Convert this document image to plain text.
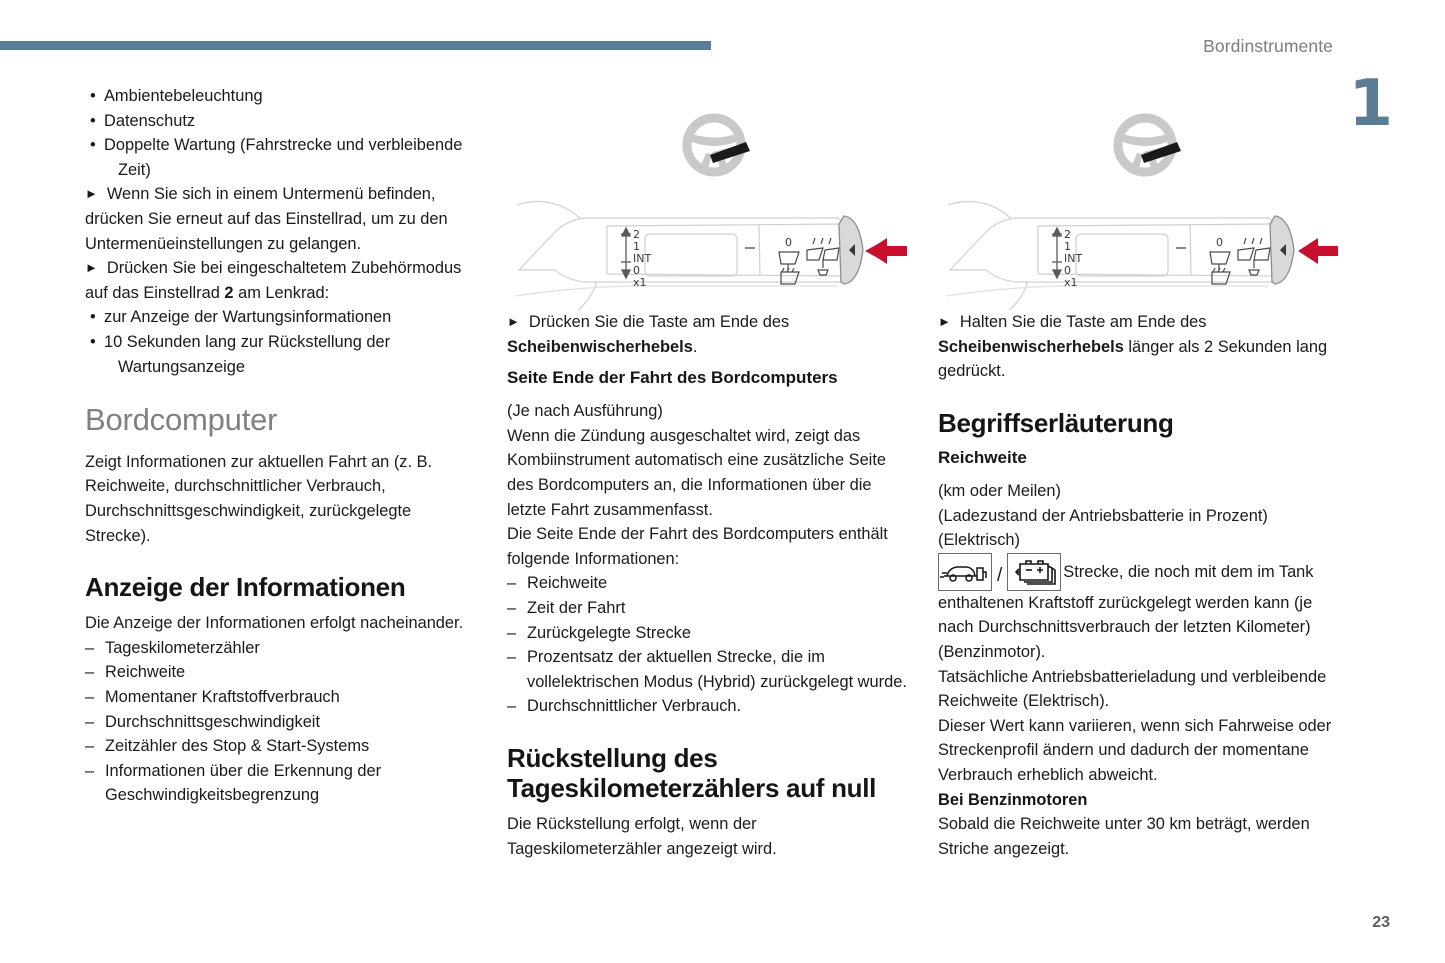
Bordinstrumente
1
23
• Ambientebeleuchtung
• Datenschutz
• Doppelte Wartung (Fahrstrecke und verbleibende Zeit)

► Wenn Sie sich in einem Untermenü befinden, drücken Sie erneut auf das Einstellrad, um zu den Untermenüeinstellungen zu gelangen.

► Drücken Sie bei eingeschaltetem Zubehörmodus auf das Einstellrad 2 am Lenkrad:

• zur Anzeige der Wartungsinformationen
• 10 Sekunden lang zur Rückstellung der Wartungsanzeige
Bordcomputer

Zeigt Informationen zur aktuellen Fahrt an (z. B. Reichweite, durchschnittlicher Verbrauch, Durchschnittsgeschwindigkeit, zurückgelegte Strecke).

Anzeige der Informationen

Die Anzeige der Informationen erfolgt nacheinander.

– Tageskilometerzähler
– Reichweite
– Momentaner Kraftstoffverbrauch
– Durchschnittsgeschwindigkeit
– Zeitzähler des Stop & Start-Systems
– Informationen über die Erkennung der Geschwindigkeitsbegrenzung
2
1
INT
0
x1
0

► Drücken Sie die Taste am Ende des Scheibenwischerhebels.

Seite Ende der Fahrt des Bordcomputers

(Je nach Ausführung)

Wenn die Zündung ausgeschaltet wird, zeigt das Kombiinstrument automatisch eine zusätzliche Seite des Bordcomputers an, die Informationen über die letzte Fahrt zusammenfasst.

Die Seite Ende der Fahrt des Bordcomputers enthält folgende Informationen:

– Reichweite
– Zeit der Fahrt
– Zurückgelegte Strecke
– Prozentsatz der aktuellen Strecke, die im vollelektrischen Modus (Hybrid) zurückgelegt wurde.
– Durchschnittlicher Verbrauch.
Rückstellung des Tageskilometerzählers auf null

Die Rückstellung erfolgt, wenn der Tageskilometerzähler angezeigt wird.

2
1
INT
0
x1
0

► Halten Sie die Taste am Ende des Scheibenwischerhebels länger als 2 Sekunden lang gedrückt.

Begriffserläuterung
Reichweite

(km oder Meilen)

(Ladezustand der Antriebsbatterie in Prozent)

(Elektrisch)

/	Strecke, die noch mit dem im Tank enthaltenen Kraftstoff zurückgelegt werden kann (je nach Durchschnittsverbrauch der letzten Kilometer) (Benzinmotor).

Tatsächliche Antriebsbatterieladung und verbleibende Reichweite (Elektrisch).

Dieser Wert kann variieren, wenn sich Fahrweise oder Streckenprofil ändern und dadurch der momentane Verbrauch erheblich abweicht.

Bei Benzinmotoren

Sobald die Reichweite unter 30 km beträgt, werden Striche angezeigt.
